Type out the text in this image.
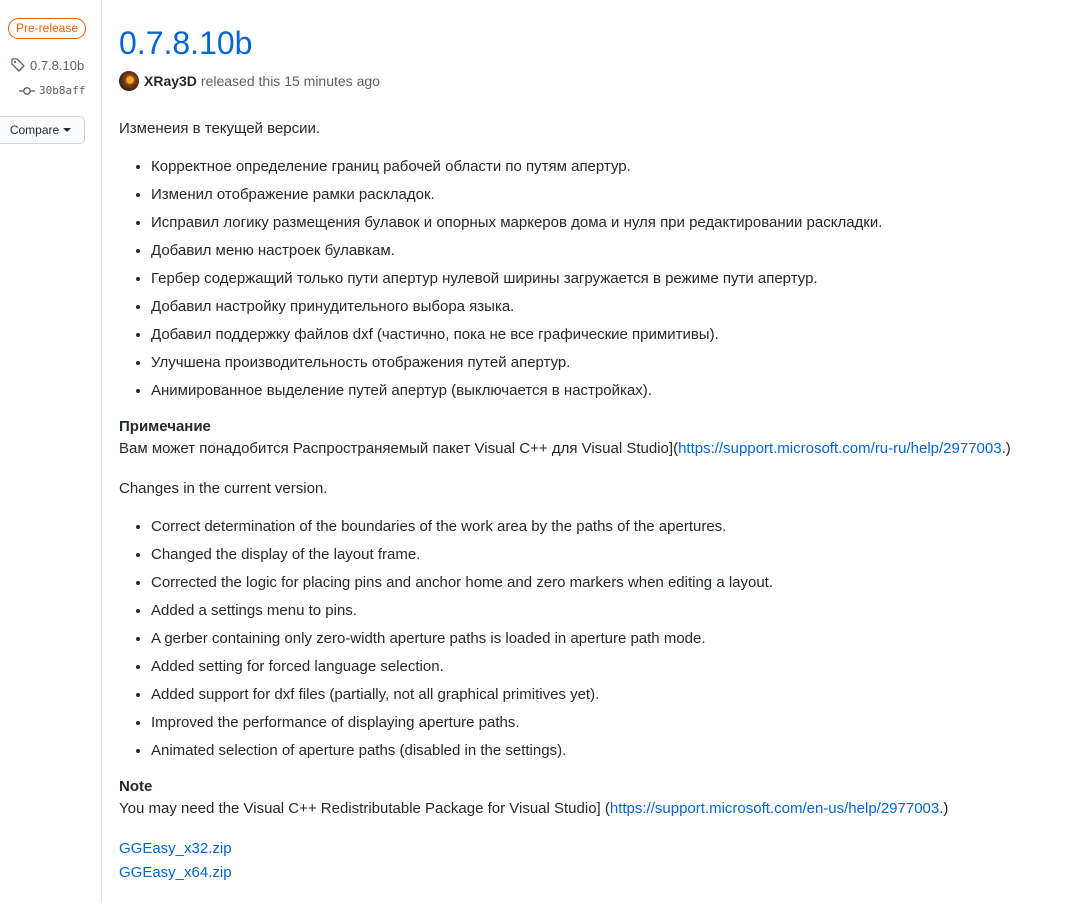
Pre-release
0.7.8.10b
30b8aff
Compare
0.7.8.10b
XRay3D released this 15 minutes ago

Изменеия в текущей версии.

• Корректное определение границ рабочей области по путям апертур.
• Изменил отображение рамки раскладок.
• Исправил логику размещения булавок и опорных маркеров дома и нуля при редактировании раскладки.
• Добавил меню настроек булавкам.
• Гербер содержащий только пути апертур нулевой ширины загружается в режиме пути апертур.
• Добавил настройку принудительного выбора языка.
• Добавил поддержку файлов dxf (частично, пока не все графические примитивы).
• Улучшена производительность отображения путей апертур.
• Анимированное выделение путей апертур (выключается в настройках).

Примечание

Вам может понадобится Распространяемый пакет Visual C++ для Visual Studio](https://support.microsoft.com/ru-ru/help/2977003.)

Changes in the current version.

• Correct determination of the boundaries of the work area by the paths of the apertures.
• Changed the display of the layout frame.
• Corrected the logic for placing pins and anchor home and zero markers when editing a layout.
• Added a settings menu to pins.
• A gerber containing only zero-width aperture paths is loaded in aperture path mode.
• Added setting for forced language selection.
• Added support for dxf files (partially, not all graphical primitives yet).
• Improved the performance of displaying aperture paths.
• Animated selection of aperture paths (disabled in the settings).

Note

You may need the Visual C++ Redistributable Package for Visual Studio] (https://support.microsoft.com/en-us/help/2977003.)

GGEasy_x32.zip

GGEasy_x64.zip
